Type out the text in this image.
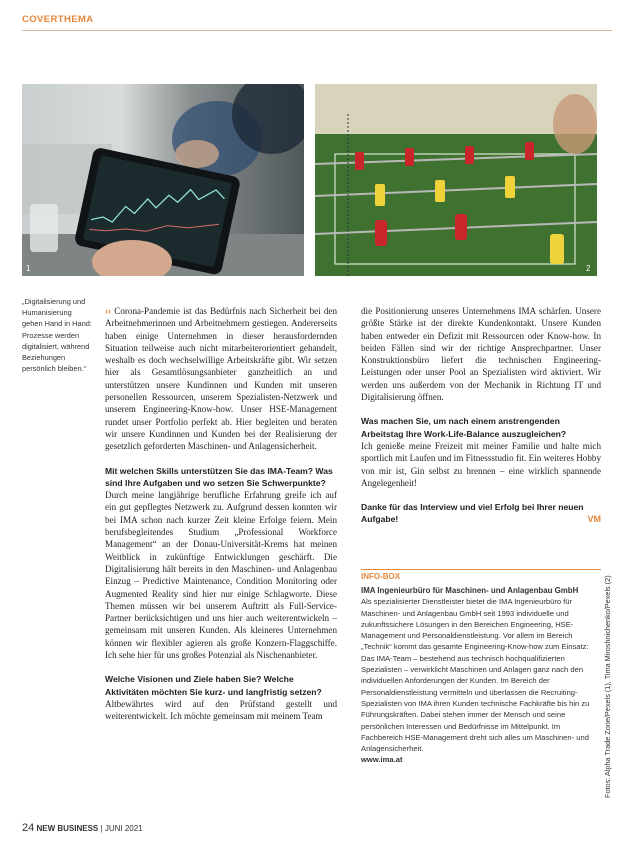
COVERTHEMA
1	2
„Digitalisierung und Humanisierung gehen Hand in Hand: Prozesse werden digitalisiert, während Beziehungen persönlich bleiben.“

›› Corona-Pandemie ist das Bedürfnis nach Sicherheit bei den Arbeitnehmerinnen und Arbeitnehmern gestiegen. Andererseits haben einige Unternehmen in dieser herausfordernden Situation teilweise auch nicht mitarbeiterorientiert gehandelt, weshalb es doch wechselwillige Arbeitskräfte gibt. Wir setzen hier als Gesamtlösungsanbieter ganzheitlich an und unterstützen unsere Kundinnen und Kunden mit unseren personellen Ressourcen, unserem Spezialisten-Netzwerk und unserem Engineering-Know-how. Unser HSE-Management rundet unser Portfolio perfekt ab. Hier begleiten und beraten wir unsere Kundinnen und Kunden bei der Realisierung der gesetzlich geforderten Maschinen- und Anlagensicherheit.

Mit welchen Skills unterstützen Sie das IMA-Team? Was sind Ihre Aufgaben und wo setzen Sie Schwerpunkte?

Durch meine langjährige berufliche Erfahrung greife ich auf ein gut gepflegtes Netzwerk zu. Aufgrund dessen konnten wir bei IMA schon nach kurzer Zeit kleine Erfolge feiern. Mein berufsbegleitendes Studium „Professional Workforce Management“ an der Donau-Universität-Krems hat meinen Weitblick in zukünftige Entwicklungen geschärft. Die Digitalisierung hält bereits in den Maschinen- und Anlagenbau Einzug – Predictive Maintenance, Condition Monitoring oder Augmented Reality sind hier nur einige Schlagworte. Diese Themen müssen wir bei unserem Auftritt als Full-Service-Partner berücksichtigen und uns hier auch weiterentwickeln – gemeinsam mit unseren Kunden. Als kleineres Unternehmen können wir flexibler agieren als große Konzern-Flaggschiffe. Ich sehe hier für uns großes Potenzial als Nischenanbieter.

Welche Visionen und Ziele haben Sie? Welche Aktivitäten möchten Sie kurz- und langfristig setzen?

Altbewährtes wird auf den Prüfstand gestellt und weiterentwickelt. Ich möchte gemeinsam mit meinem Team

die Positionierung unseres Unternehmens IMA schärfen. Unsere größte Stärke ist der direkte Kundenkontakt. Unsere Kunden haben entweder ein Defizit mit Ressourcen oder Know-how. In beiden Fällen sind wir der richtige Ansprechpartner. Unser Konstruktionsbüro liefert die technischen Engineering-Leistungen oder unser Pool an Spezialisten wird aktiviert. Wir werden uns außerdem von der Mechanik in Richtung IT und Digitalisierung öffnen.

Was machen Sie, um nach einem anstrengenden Arbeitstag Ihre Work-Life-Balance auszugleichen?

Ich genieße meine Freizeit mit meiner Familie und halte mich sportlich mit Laufen und im Fitnessstudio fit. Ein weiteres Hobby von mir ist, Gin selbst zu brennen – eine wirklich spannende Angelegenheit!

Danke für das Interview und viel Erfolg bei Ihrer neuen Aufgabe!	VM

INFO-BOX

IMA Ingenieurbüro für Maschinen- und Anlagenbau GmbH

Als spezialisierter Dienstleister bietet die IMA Ingenieurbüro für Maschinen- und Anlagenbau GmbH seit 1993 individuelle und zukunftssichere Lösungen in den Bereichen Engineering, HSE-Management und Personaldienstleistung. Vor allem im Bereich „Technik“ kommt das gesamte Engineering-Know-how zum Einsatz: Das IMA-Team – bestehend aus technisch hochqualifizierten Spezialisten – verwirklicht Maschinen und Anlagen ganz nach den individuellen Anforderungen der Kunden. Im Bereich der Personaldienstleistung vermitteln und überlassen die Recruiting-Spezialisten von IMA ihren Kunden technische Fachkräfte bis hin zu Führungskräften. Dabei stehen immer der Mensch und seine persönlichen Interessen und Bedürfnisse im Mittelpunkt. Im Fachbereich HSE-Management dreht sich alles um Maschinen- und Anlagensicherheit.

www.ima.at	Fotos: Alpha Trade Zone/Pexels (1), Tima Miroshnichenko/Pexels (2)
24 NEW BUSINESS | JUNI 2021
